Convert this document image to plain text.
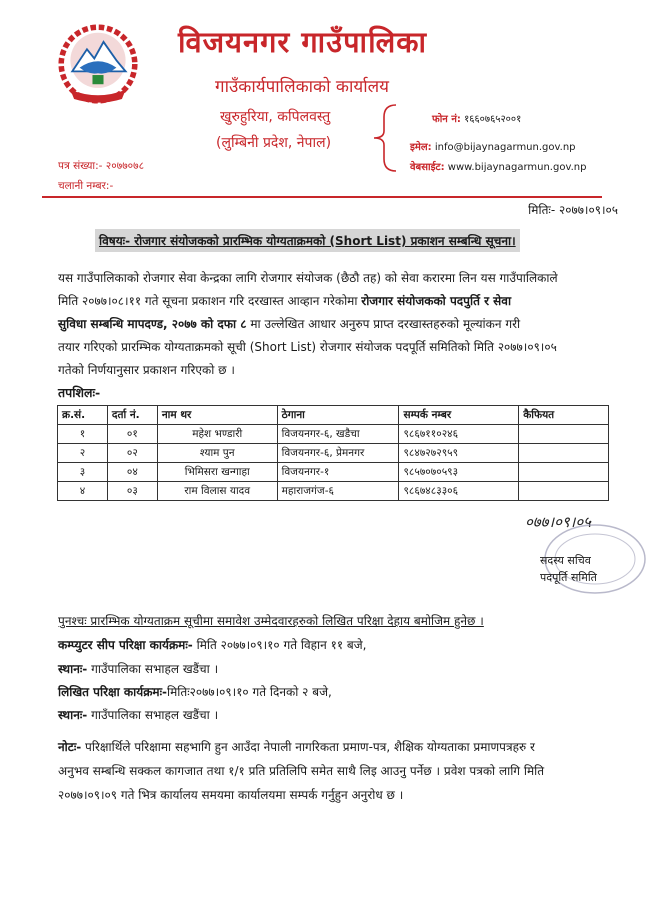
विजयनगर गाउँपालिका
गाउँकार्यपालिकाको कार्यालय
खुरुहुरिया, कपिलवस्तु
(लुम्बिनी प्रदेश, नेपाल)
फोन नं: १६६०७६५२००१
इमेल: info@bijaynagarmun.gov.np
वेबसाईट: www.bijaynagarmun.gov.np
पत्र संख्या:- २०७७०७८
चलानी नम्बर:-
मितिः- २०७७।०९।०५
विषयः- रोजगार संयोजकको प्रारम्भिक योग्यताक्रमको (Short List) प्रकाशन सम्बन्धि सूचना।
यस गाउँपालिकाको रोजगार सेवा केन्द्रका लागि रोजगार संयोजक (छैठौ तह) को सेवा करारमा लिन यस गाउँपालिकाले
मिति २०७७।०८।११ गते सूचना प्रकाशन गरि दरखास्त आव्हान गरेकोमा रोजगार संयोजकको पदपुर्ति र सेवा
सुविधा सम्बन्धि मापदण्ड, २०७७ को दफा ८ मा उल्लेखित आधार अनुरुप प्राप्त दरखास्तहरुको मूल्यांकन गरी
तयार गरिएको प्रारम्भिक योग्यताक्रमको सूची (Short List) रोजगार संयोजक पदपूर्ति समितिको मिति २०७७।०९।०५
गतेको निर्णयानुसार प्रकाशन गरिएको छ ।
तपशिलः-
क्र.सं.	दर्ता नं.	नाम थर	ठेगाना	सम्पर्क नम्बर	कैफियत
१	०१	महेश भण्डारी	विजयनगर-६, खडैचा	९८६७११०२४६	
२	०२	श्याम पुन	विजयनगर-६, प्रेमनगर	९८४७२७२९५९	
३	०४	भिमिसरा खन्गाहा	विजयनगर-१	९८५७०७०५९३	
४	०३	राम विलास यादव	महाराजगंज-६	९८६७४८३३०६	
०७७।०९।०५
सदस्य सचिव
पदपूर्ति समिति
पुनश्चः प्रारम्भिक योग्यताक्रम सूचीमा समावेश उम्मेदवारहरुको लिखित परिक्षा देहाय बमोजिम हुनेछ ।
कम्प्युटर सीप परिक्षा कार्यक्रमः- मिति २०७७।०९।१० गते विहान ११ बजे,
स्थानः- गाउँपालिका सभाहल खडैंचा ।
लिखित परिक्षा कार्यक्रमः-मितिः२०७७।०९।१० गते दिनको २ बजे,
स्थानः- गाउँपालिका सभाहल खडैंचा ।
नोटः- परिक्षार्थिले परिक्षामा सहभागि हुन आउँदा नेपाली नागरिकता प्रमाण-पत्र, शैक्षिक योग्यताका प्रमाणपत्रहरु र
अनुभव सम्बन्धि सक्कल कागजात तथा १/१ प्रति प्रतिलिपि समेत साथै लिइ आउनु पर्नेछ । प्रवेश पत्रको लागि मिति
२०७७।०९।०९ गते भित्र कार्यालय समयमा कार्यालयमा सम्पर्क गर्नुहुन अनुरोध छ ।
